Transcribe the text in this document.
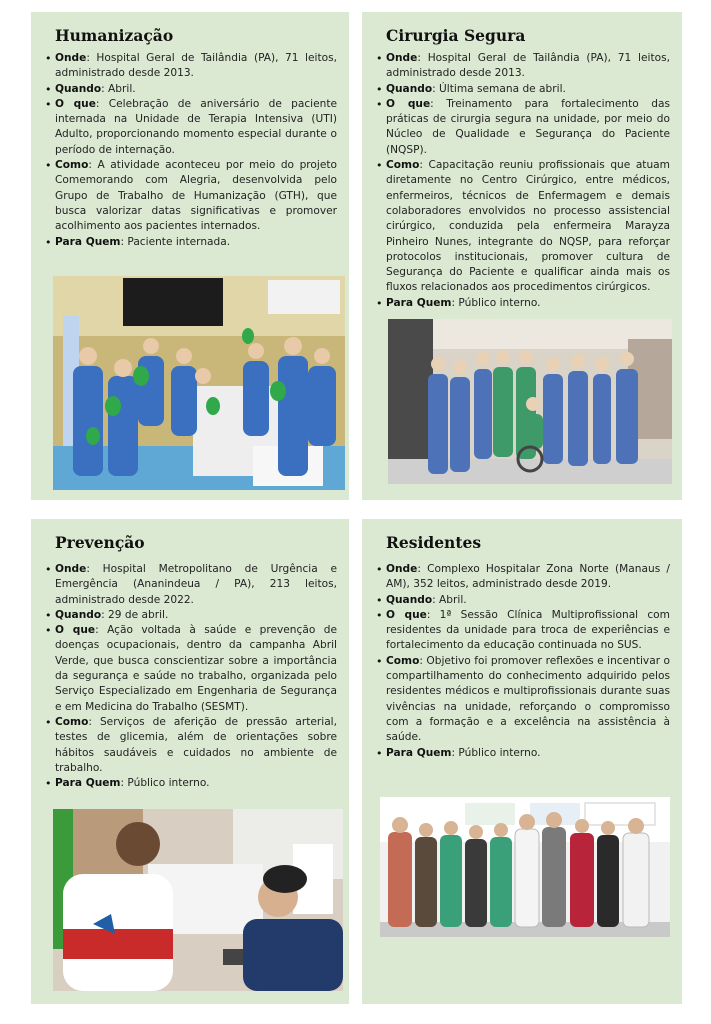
Humanização
• Onde: Hospital Geral de Tailândia (PA), 71 leitos, administrado desde 2013.
• Quando: Abril.
• O que: Celebração de aniversário de paciente internada na Unidade de Terapia Intensiva (UTI) Adulto, proporcionando momento especial durante o período de internação.
• Como: A atividade aconteceu por meio do projeto Comemorando com Alegria, desenvolvida pelo Grupo de Trabalho de Humanização (GTH), que busca valorizar datas significativas e promover acolhimento aos pacientes internados.
• Para Quem: Paciente internada.
Cirurgia Segura
• Onde: Hospital Geral de Tailândia (PA), 71 leitos, administrado desde 2013.
• Quando: Última semana de abril.
• O que: Treinamento para fortalecimento das práticas de cirurgia segura na unidade, por meio do Núcleo de Qualidade e Segurança do Paciente (NQSP).
• Como: Capacitação reuniu profissionais que atuam diretamente no Centro Cirúrgico, entre médicos, enfermeiros, técnicos de Enfermagem e demais colaboradores envolvidos no processo assistencial cirúrgico, conduzida pela enfermeira Marayza Pinheiro Nunes, integrante do NQSP, para reforçar protocolos institucionais, promover cultura de Segurança do Paciente e qualificar ainda mais os fluxos relacionados aos procedimentos cirúrgicos.
• Para Quem: Público interno.
Prevenção
• Onde: Hospital Metropolitano de Urgência e Emergência (Ananindeua / PA), 213 leitos, administrado desde 2022.
• Quando: 29 de abril.
• O que: Ação voltada à saúde e prevenção de doenças ocupacionais, dentro da campanha Abril Verde, que busca conscientizar sobre a importância da segurança e saúde no trabalho, organizada pelo Serviço Especializado em Engenharia de Segurança e em Medicina do Trabalho (SESMT).
• Como: Serviços de aferição de pressão arterial, testes de glicemia, além de orientações sobre hábitos saudáveis e cuidados no ambiente de trabalho.
• Para Quem: Público interno.
Residentes
• Onde: Complexo Hospitalar Zona Norte (Manaus / AM), 352 leitos, administrado desde 2019.
• Quando: Abril.
• O que: 1ª Sessão Clínica Multiprofissional com residentes da unidade para troca de experiências e fortalecimento da educação continuada no SUS.
• Como: Objetivo foi promover reflexões e incentivar o compartilhamento do conhecimento adquirido pelos residentes médicos e multiprofissionais durante suas vivências na unidade, reforçando o compromisso com a formação e a excelência na assistência à saúde.
• Para Quem: Público interno.
